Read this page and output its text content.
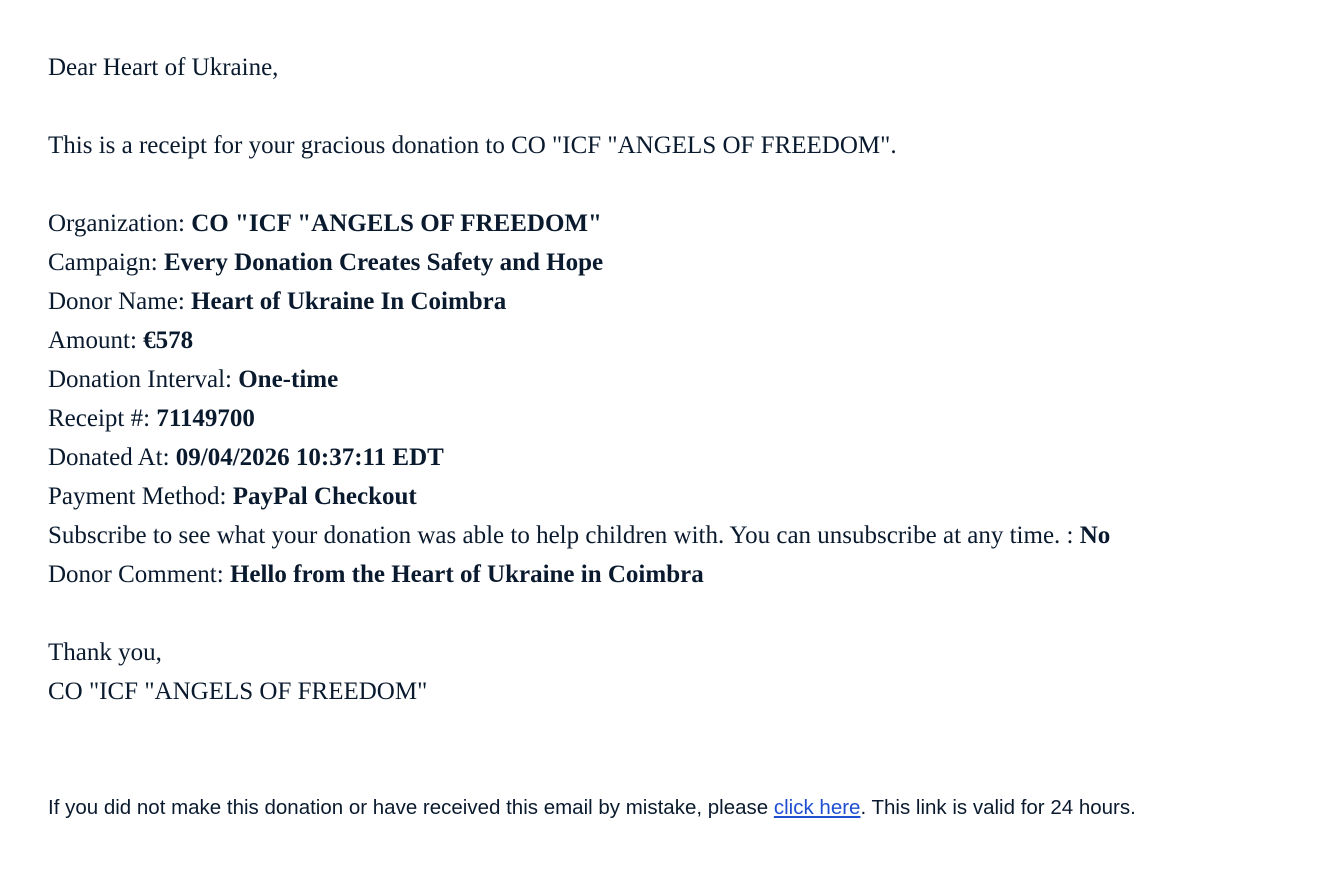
Dear Heart of Ukraine,
This is a receipt for your gracious donation to CO "ICF "ANGELS OF FREEDOM".
Organization: CO "ICF "ANGELS OF FREEDOM"
Campaign: Every Donation Creates Safety and Hope
Donor Name: Heart of Ukraine In Coimbra
Amount: €578
Donation Interval: One-time
Receipt #: 71149700
Donated At: 09/04/2026 10:37:11 EDT
Payment Method: PayPal Checkout
Subscribe to see what your donation was able to help children with. You can unsubscribe at any time. : No
Donor Comment: Hello from the Heart of Ukraine in Coimbra
Thank you,
CO "ICF "ANGELS OF FREEDOM"
If you did not make this donation or have received this email by mistake, please click here. This link is valid for 24 hours.
